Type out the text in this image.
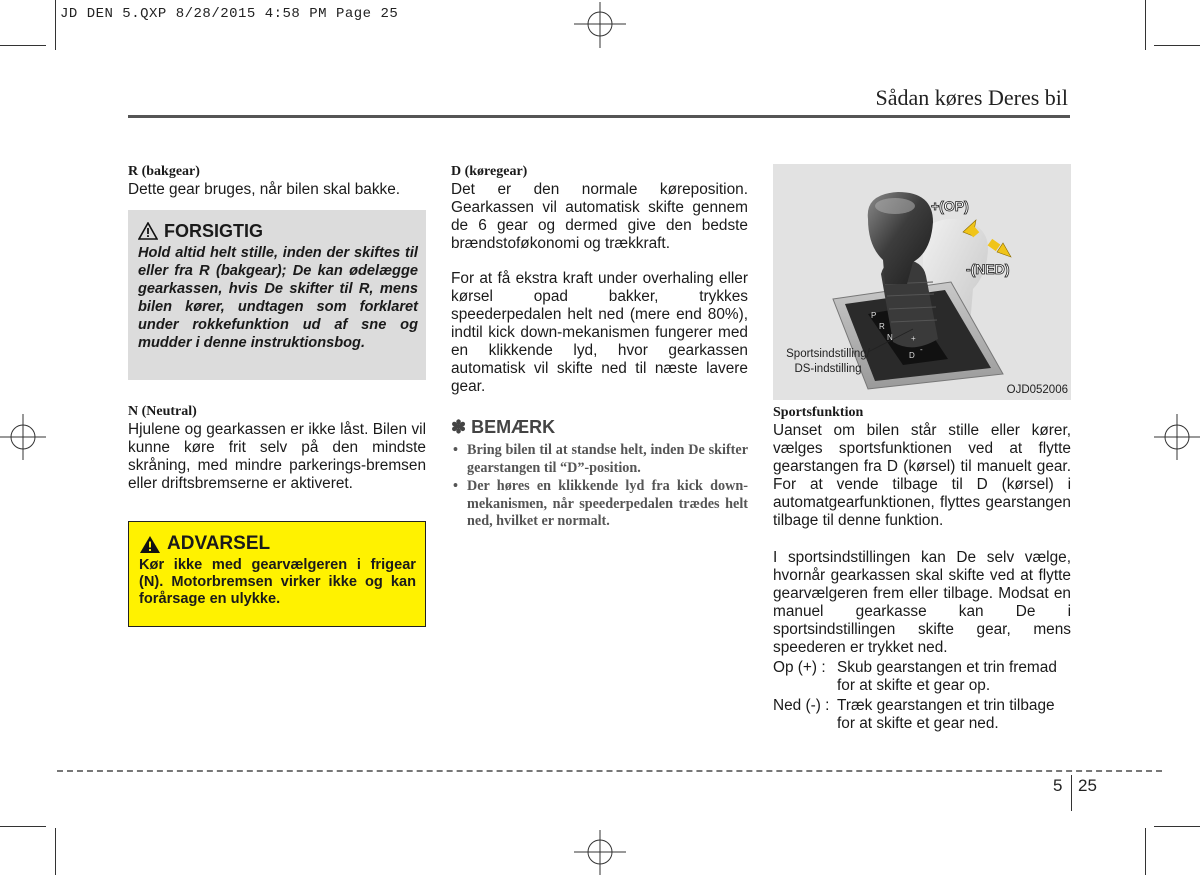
JD DEN 5.QXP 8/28/2015 4:58 PM Page 25
Sådan køres Deres bil
R (bakgear)

Dette gear bruges, når bilen skal bakke.

FORSIGTIG
Hold altid helt stille, inden der skiftes til eller fra R (bakgear); De kan ødelægge gearkassen, hvis De skifter til R, mens bilen kører, undtagen som forklaret under rokkefunktion ud af sne og mudder i denne instruktionsbog.
N (Neutral)

Hjulene og gearkassen er ikke låst. Bilen vil kunne køre frit selv på den mindste skråning, med mindre parkerings-bremsen eller driftsbremserne er aktiveret.

ADVARSEL
Kør ikke med gearvælgeren i frigear (N). Motorbremsen virker ikke og kan forårsage en ulykke.
D (køregear)

Det er den normale køreposition. Gearkassen vil automatisk skifte gennem de 6 gear og dermed give den bedste brændstoføkonomi og trækkraft.

For at få ekstra kraft under overhaling eller kørsel opad bakker, trykkes speederpedalen helt ned (mere end 80%), indtil kick down-mekanismen fungerer med en klikkende lyd, hvor gearkassen automatisk vil skifte ned til næste lavere gear.

✽ BEMÆRK
• Bring bilen til at standse helt, inden De skifter gearstangen til “D”-position.
• Der høres en klikkende lyd fra kick down-mekanismen, når speederpedalen trædes helt ned, hvilket er normalt.
P
R
N
D
+
-
+(OP)
-(NED)
Sportsindstilling/
DS-indstilling
OJD052006
Sportsfunktion

Uanset om bilen står stille eller kører, vælges sportsfunktionen ved at flytte gearstangen fra D (kørsel) til manuelt gear. For at vende tilbage til D (kørsel) i automatgearfunktionen, flyttes gearstangen tilbage til denne funktion.

I sportsindstillingen kan De selv vælge, hvornår gearkassen skal skifte ved at flytte gearvælgeren frem eller tilbage. Modsat en manuel gearkasse kan De i sportsindstillingen skifte gear, mens speederen er trykket ned.

Op (+) : Skub gearstangen et trin fremad for at skifte et gear op.
Ned (-) : Træk gearstangen et trin tilbage for at skifte et gear ned.
5 25
